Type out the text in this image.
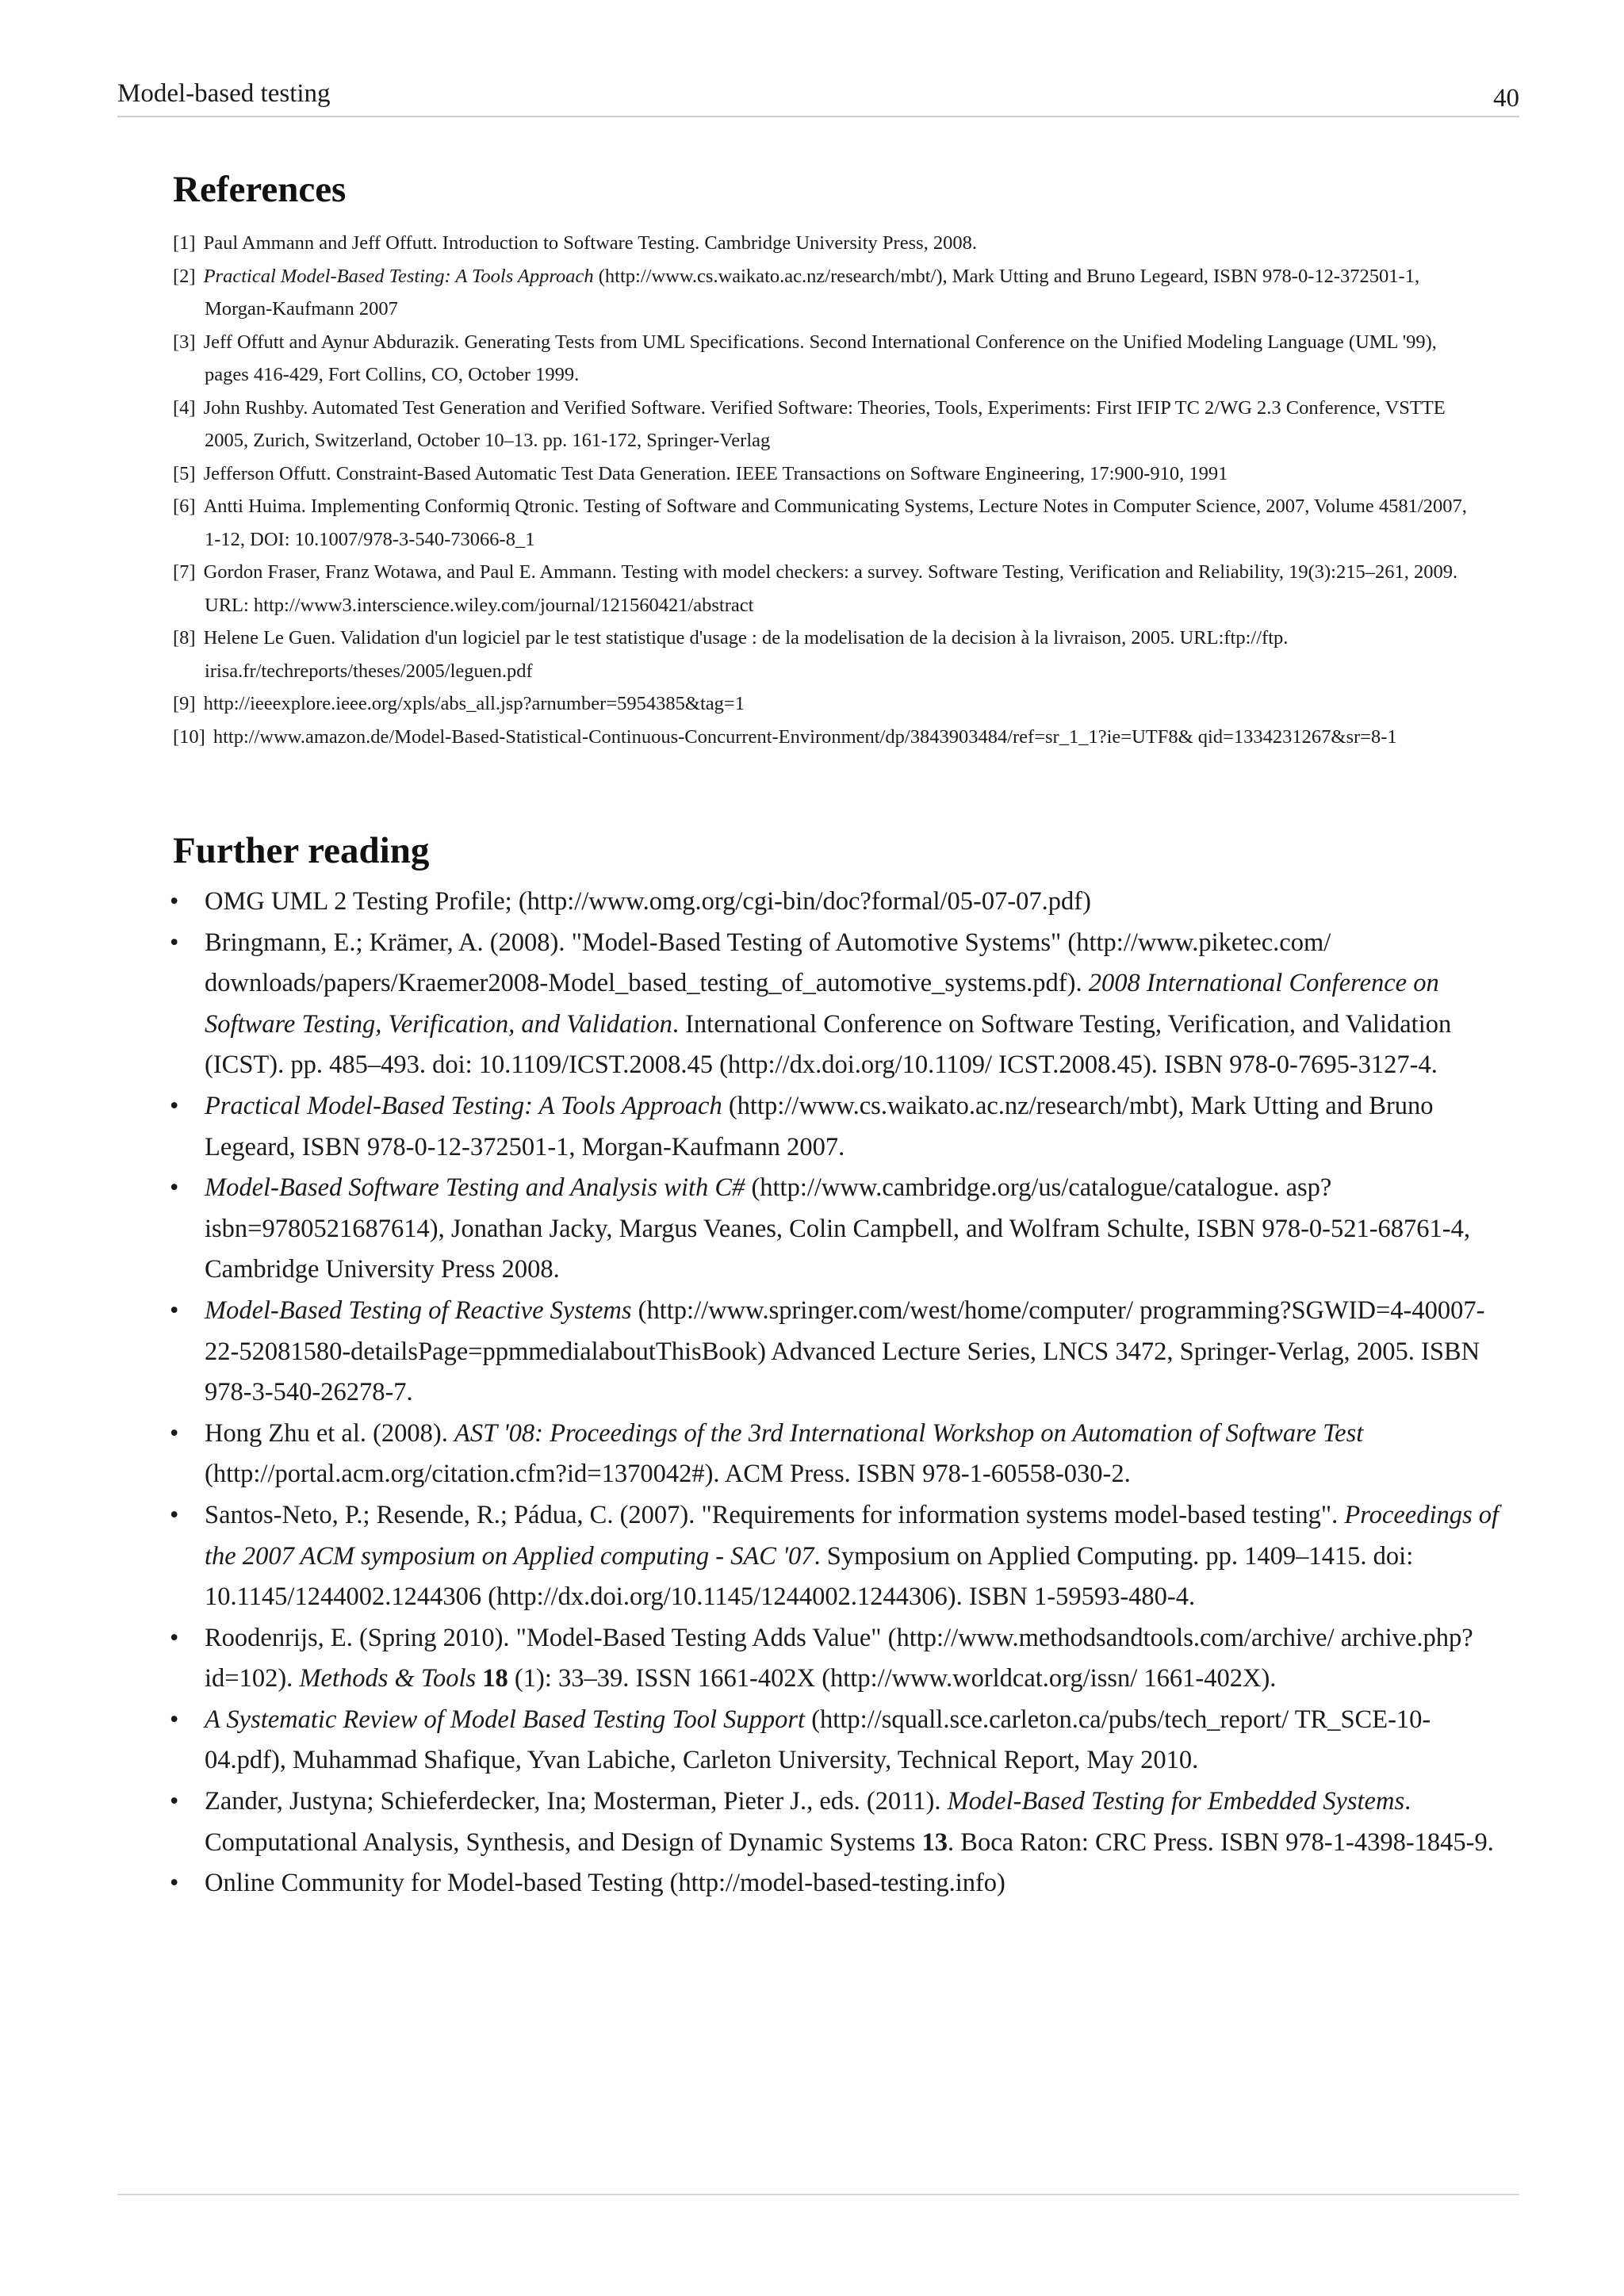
Model-based testing	40
References
[1] Paul Ammann and Jeff Offutt. Introduction to Software Testing. Cambridge University Press, 2008.
[2] Practical Model-Based Testing: A Tools Approach (http://www.cs.waikato.ac.nz/research/mbt/), Mark Utting and Bruno Legeard, ISBN 978-0-12-372501-1, Morgan-Kaufmann 2007
[3] Jeff Offutt and Aynur Abdurazik. Generating Tests from UML Specifications. Second International Conference on the Unified Modeling Language (UML '99), pages 416-429, Fort Collins, CO, October 1999.
[4] John Rushby. Automated Test Generation and Verified Software. Verified Software: Theories, Tools, Experiments: First IFIP TC 2/WG 2.3 Conference, VSTTE 2005, Zurich, Switzerland, October 10–13. pp. 161-172, Springer-Verlag
[5] Jefferson Offutt. Constraint-Based Automatic Test Data Generation. IEEE Transactions on Software Engineering, 17:900-910, 1991
[6] Antti Huima. Implementing Conformiq Qtronic. Testing of Software and Communicating Systems, Lecture Notes in Computer Science, 2007, Volume 4581/2007, 1-12, DOI: 10.1007/978-3-540-73066-8_1
[7] Gordon Fraser, Franz Wotawa, and Paul E. Ammann. Testing with model checkers: a survey. Software Testing, Verification and Reliability, 19(3):215–261, 2009. URL: http://www3.interscience.wiley.com/journal/121560421/abstract
[8] Helene Le Guen. Validation d'un logiciel par le test statistique d'usage : de la modelisation de la decision à la livraison, 2005. URL:ftp://ftp. irisa.fr/techreports/theses/2005/leguen.pdf
[9] http://ieeexplore.ieee.org/xpls/abs_all.jsp?arnumber=5954385&tag=1
[10] http://www.amazon.de/Model-Based-Statistical-Continuous-Concurrent-Environment/dp/3843903484/ref=sr_1_1?ie=UTF8& qid=1334231267&sr=8-1
Further reading
• OMG UML 2 Testing Profile; (http://www.omg.org/cgi-bin/doc?formal/05-07-07.pdf)
• Bringmann, E.; Krämer, A. (2008). "Model-Based Testing of Automotive Systems" (http://www.piketec.com/ downloads/papers/Kraemer2008-Model_based_testing_of_automotive_systems.pdf). 2008 International Conference on Software Testing, Verification, and Validation. International Conference on Software Testing, Verification, and Validation (ICST). pp. 485–493. doi: 10.1109/ICST.2008.45 (http://dx.doi.org/10.1109/ ICST.2008.45). ISBN 978-0-7695-3127-4.
• Practical Model-Based Testing: A Tools Approach (http://www.cs.waikato.ac.nz/research/mbt), Mark Utting and Bruno Legeard, ISBN 978-0-12-372501-1, Morgan-Kaufmann 2007.
• Model-Based Software Testing and Analysis with C# (http://www.cambridge.org/us/catalogue/catalogue. asp?isbn=9780521687614), Jonathan Jacky, Margus Veanes, Colin Campbell, and Wolfram Schulte, ISBN 978-0-521-68761-4, Cambridge University Press 2008.
• Model-Based Testing of Reactive Systems (http://www.springer.com/west/home/computer/ programming?SGWID=4-40007-22-52081580-detailsPage=ppmmedialaboutThisBook) Advanced Lecture Series, LNCS 3472, Springer-Verlag, 2005. ISBN 978-3-540-26278-7.
• Hong Zhu et al. (2008). AST '08: Proceedings of the 3rd International Workshop on Automation of Software Test (http://portal.acm.org/citation.cfm?id=1370042#). ACM Press. ISBN 978-1-60558-030-2.
• Santos-Neto, P.; Resende, R.; Pádua, C. (2007). "Requirements for information systems model-based testing". Proceedings of the 2007 ACM symposium on Applied computing - SAC '07. Symposium on Applied Computing. pp. 1409–1415. doi: 10.1145/1244002.1244306 (http://dx.doi.org/10.1145/1244002.1244306). ISBN 1-59593-480-4.
• Roodenrijs, E. (Spring 2010). "Model-Based Testing Adds Value" (http://www.methodsandtools.com/archive/ archive.php?id=102). Methods & Tools 18 (1): 33–39. ISSN 1661-402X (http://www.worldcat.org/issn/ 1661-402X).
• A Systematic Review of Model Based Testing Tool Support (http://squall.sce.carleton.ca/pubs/tech_report/ TR_SCE-10-04.pdf), Muhammad Shafique, Yvan Labiche, Carleton University, Technical Report, May 2010.
• Zander, Justyna; Schieferdecker, Ina; Mosterman, Pieter J., eds. (2011). Model-Based Testing for Embedded Systems. Computational Analysis, Synthesis, and Design of Dynamic Systems 13. Boca Raton: CRC Press. ISBN 978-1-4398-1845-9.
• Online Community for Model-based Testing (http://model-based-testing.info)
